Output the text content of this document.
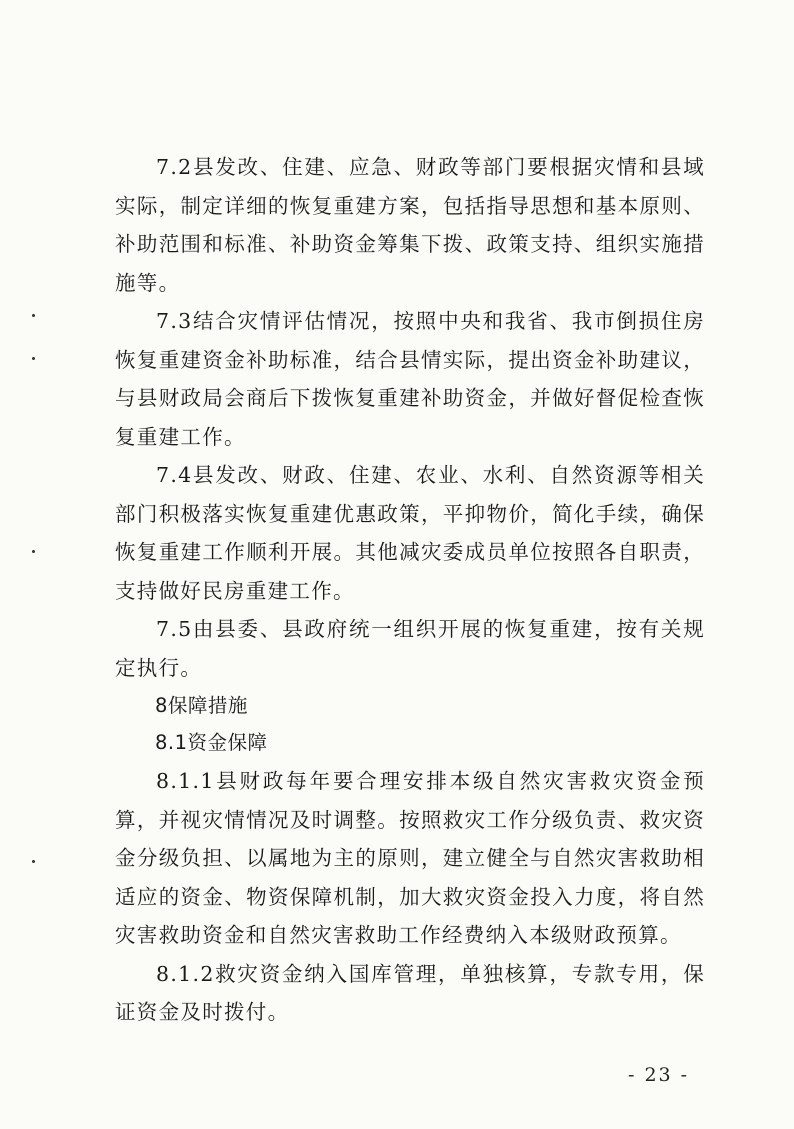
7.2县发改、住建、应急、财政等部门要根据灾情和县域实际，制定详细的恢复重建方案，包括指导思想和基本原则、补助范围和标准、补助资金筹集下拨、政策支持、组织实施措施等。

7.3结合灾情评估情况，按照中央和我省、我市倒损住房恢复重建资金补助标准，结合县情实际，提出资金补助建议，与县财政局会商后下拨恢复重建补助资金，并做好督促检查恢复重建工作。

7.4县发改、财政、住建、农业、水利、自然资源等相关部门积极落实恢复重建优惠政策，平抑物价，简化手续，确保恢复重建工作顺利开展。其他减灾委成员单位按照各自职责，支持做好民房重建工作。

7.5由县委、县政府统一组织开展的恢复重建，按有关规定执行。

8保障措施
8.1资金保障

8.1.1县财政每年要合理安排本级自然灾害救灾资金预算，并视灾情情况及时调整。按照救灾工作分级负责、救灾资金分级负担、以属地为主的原则，建立健全与自然灾害救助相适应的资金、物资保障机制，加大救灾资金投入力度，将自然灾害救助资金和自然灾害救助工作经费纳入本级财政预算。

8.1.2救灾资金纳入国库管理，单独核算，专款专用，保证资金及时拨付。

- 23 -
